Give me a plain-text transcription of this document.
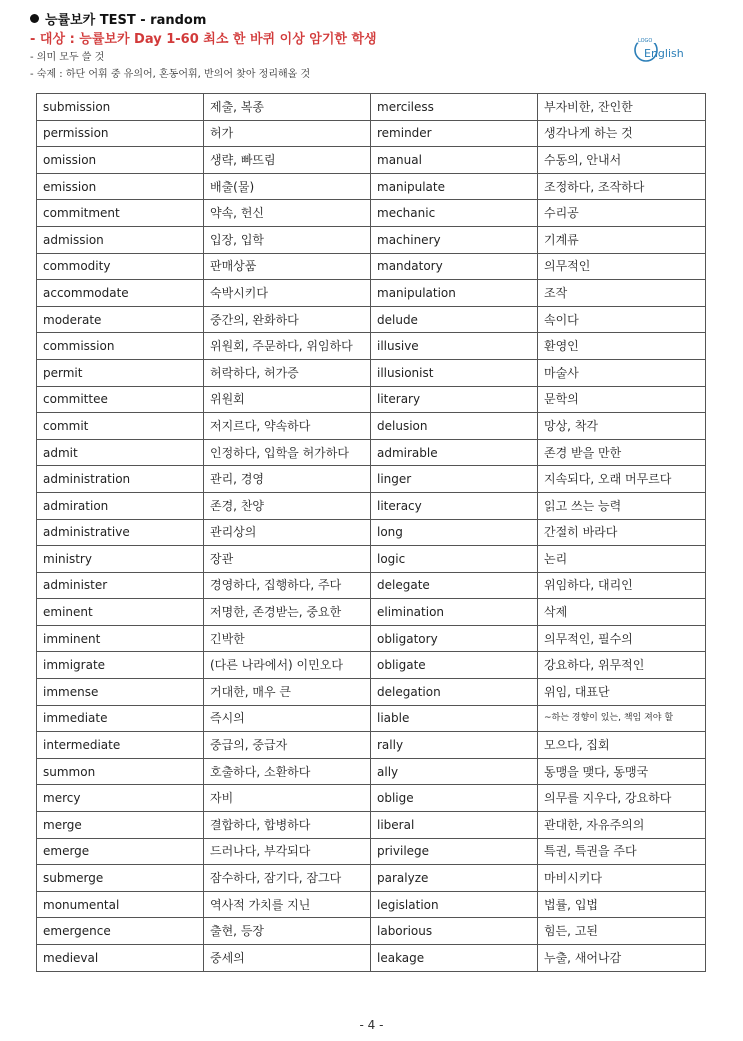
능률보카 TEST - random
- 대상 : 능률보카 Day 1-60 최소 한 바퀴 이상 암기한 학생
- 의미 모두 쓸 것
- 숙제 : 하단 어휘 중 유의어, 혼동어휘, 반의어 찾아 정리해올 것
LOGO
English
submission	제출, 복종	merciless	부자비한, 잔인한
permission	허가	reminder	생각나게 하는 것
omission	생략, 빠뜨림	manual	수동의, 안내서
emission	배출(물)	manipulate	조정하다, 조작하다
commitment	약속, 헌신	mechanic	수리공
admission	입장, 입학	machinery	기계류
commodity	판매상품	mandatory	의무적인
accommodate	숙박시키다	manipulation	조작
moderate	중간의, 완화하다	delude	속이다
commission	위원회, 주문하다, 위임하다	illusive	환영인
permit	허락하다, 허가증	illusionist	마술사
committee	위원회	literary	문학의
commit	저지르다, 약속하다	delusion	망상, 착각
admit	인정하다, 입학을 허가하다	admirable	존경 받을 만한
administration	관리, 경영	linger	지속되다, 오래 머무르다
admiration	존경, 찬양	literacy	읽고 쓰는 능력
administrative	관리상의	long	간절히 바라다
ministry	장관	logic	논리
administer	경영하다, 집행하다, 주다	delegate	위임하다, 대리인
eminent	저명한, 존경받는, 중요한	elimination	삭제
imminent	긴박한	obligatory	의무적인, 필수의
immigrate	(다른 나라에서) 이민오다	obligate	강요하다, 위무적인
immense	거대한, 매우 큰	delegation	위임, 대표단
immediate	즉시의	liable	~하는 경향이 있는, 책임 져야 할
intermediate	중급의, 중급자	rally	모으다, 집회
summon	호출하다, 소환하다	ally	동맹을 맺다, 동맹국
mercy	자비	oblige	의무를 지우다, 강요하다
merge	결합하다, 합병하다	liberal	관대한, 자유주의의
emerge	드러나다, 부각되다	privilege	특권, 특권을 주다
submerge	잠수하다, 잠기다, 잠그다	paralyze	마비시키다
monumental	역사적 가치를 지닌	legislation	법률, 입법
emergence	출현, 등장	laborious	힘든, 고된
medieval	중세의	leakage	누출, 새어나감
- 4 -
